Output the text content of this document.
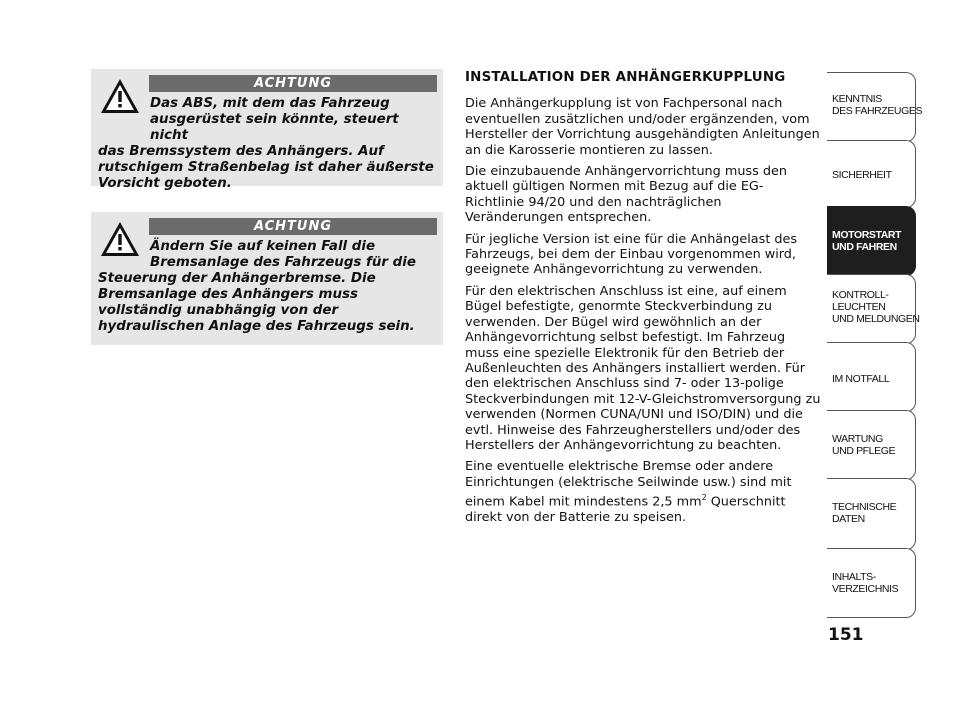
ACHTUNG
Das ABS, mit dem das Fahrzeug ausgerüstet sein könnte, steuert nicht
das Bremssystem des Anhängers. Auf rutschigem Straßenbelag ist daher äußerste Vorsicht geboten.
ACHTUNG
Ändern Sie auf keinen Fall die Bremsanlage des Fahrzeugs für die
Steuerung der Anhängerbremse. Die Bremsanlage des Anhängers muss vollständig unabhängig von der hydraulischen Anlage des Fahrzeugs sein.
INSTALLATION DER ANHÄNGERKUPPLUNG

Die Anhängerkupplung ist von Fachpersonal nach eventuellen zusätzlichen und/oder ergänzenden, vom Hersteller der Vorrichtung ausgehändigten Anleitungen an die Karosserie montieren zu lassen.

Die einzubauende Anhängervorrichtung muss den aktuell gültigen Normen mit Bezug auf die EG-Richtlinie 94/20 und den nachträglichen Veränderungen entsprechen.

Für jegliche Version ist eine für die Anhängelast des Fahrzeugs, bei dem der Einbau vorgenommen wird, geeignete Anhängevorrichtung zu verwenden.

Für den elektrischen Anschluss ist eine, auf einem Bügel befestigte, genormte Steckverbindung zu verwenden. Der Bügel wird gewöhnlich an der Anhängevorrichtung selbst befestigt. Im Fahrzeug muss eine spezielle Elektronik für den Betrieb der Außenleuchten des Anhängers installiert werden. Für den elektrischen Anschluss sind 7- oder 13-polige Steckverbindungen mit 12-V-Gleichstromversorgung zu verwenden (Normen CUNA/UNI und ISO/DIN) und die evtl. Hinweise des Fahrzeugherstellers und/oder des Herstellers der Anhängevorrichtung zu beachten.

Eine eventuelle elektrische Bremse oder andere Einrichtungen (elektrische Seilwinde usw.) sind mit einem Kabel mit mindestens 2,5 $mm^2$ Querschnitt direkt von der Batterie zu speisen.

KENNTNIS
DES FAHRZEUGES
SICHERHEIT
MOTORSTART
UND FAHREN
KONTROLL-
LEUCHTEN
UND MELDUNGEN
IM NOTFALL
WARTUNG
UND PFLEGE
TECHNISCHE
DATEN
INHALTS-
VERZEICHNIS
151
